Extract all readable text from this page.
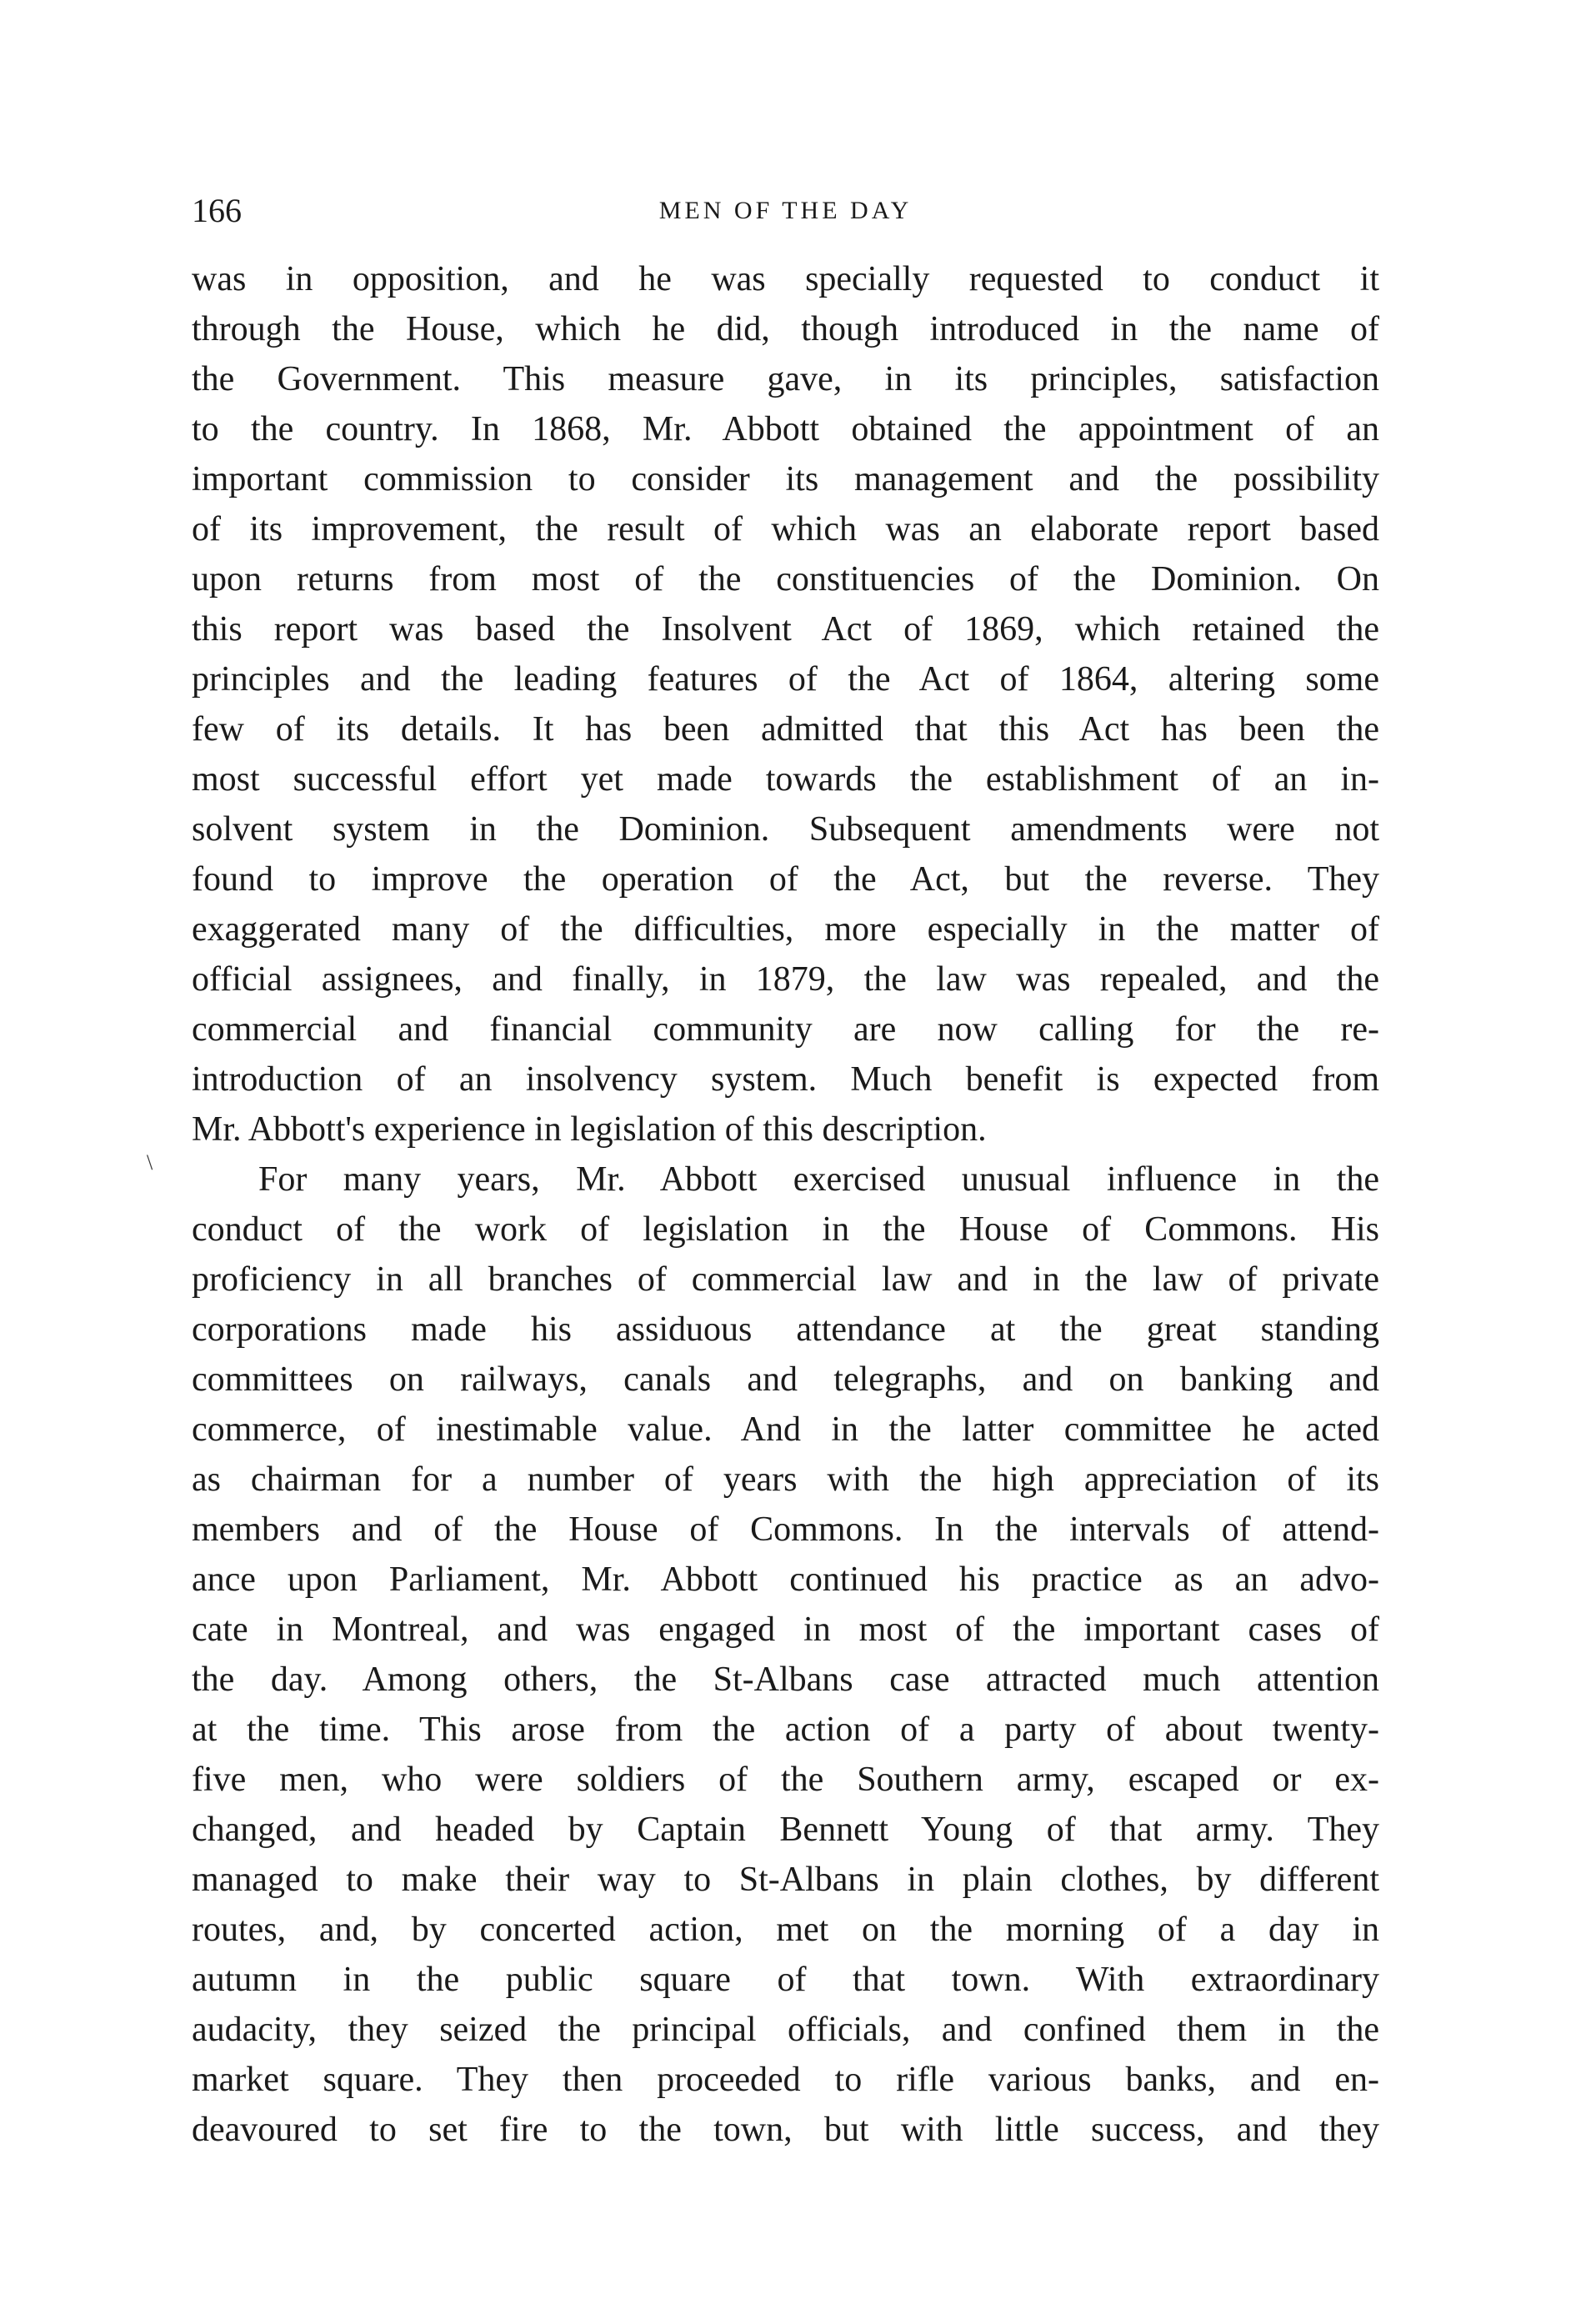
166	MEN OF THE DAY
\
was in opposition, and he was specially requested to conduct it
through the House, which he did, though introduced in the name of
the Government. This measure gave, in its principles, satisfaction
to the country. In 1868, Mr. Abbott obtained the appointment of an
important commission to consider its management and the possibility
of its improvement, the result of which was an elaborate report based
upon returns from most of the constituencies of the Dominion. On
this report was based the Insolvent Act of 1869, which retained the
principles and the leading features of the Act of 1864, altering some
few of its details. It has been admitted that this Act has been the
most successful effort yet made towards the establishment of an in-
solvent system in the Dominion. Subsequent amendments were not
found to improve the operation of the Act, but the reverse. They
exaggerated many of the difficulties, more especially in the matter of
official assignees, and finally, in 1879, the law was repealed, and the
commercial and financial community are now calling for the re-
introduction of an insolvency system. Much benefit is expected from
Mr. Abbott's experience in legislation of this description.
For many years, Mr. Abbott exercised unusual influence in the
conduct of the work of legislation in the House of Commons. His
proficiency in all branches of commercial law and in the law of private
corporations made his assiduous attendance at the great standing
committees on railways, canals and telegraphs, and on banking and
commerce, of inestimable value. And in the latter committee he acted
as chairman for a number of years with the high appreciation of its
members and of the House of Commons. In the intervals of attend-
ance upon Parliament, Mr. Abbott continued his practice as an advo-
cate in Montreal, and was engaged in most of the important cases of
the day. Among others, the St-Albans case attracted much attention
at the time. This arose from the action of a party of about twenty-
five men, who were soldiers of the Southern army, escaped or ex-
changed, and headed by Captain Bennett Young of that army. They
managed to make their way to St-Albans in plain clothes, by different
routes, and, by concerted action, met on the morning of a day in
autumn in the public square of that town. With extraordinary
audacity, they seized the principal officials, and confined them in the
market square. They then proceeded to rifle various banks, and en-
deavoured to set fire to the town, but with little success, and they
